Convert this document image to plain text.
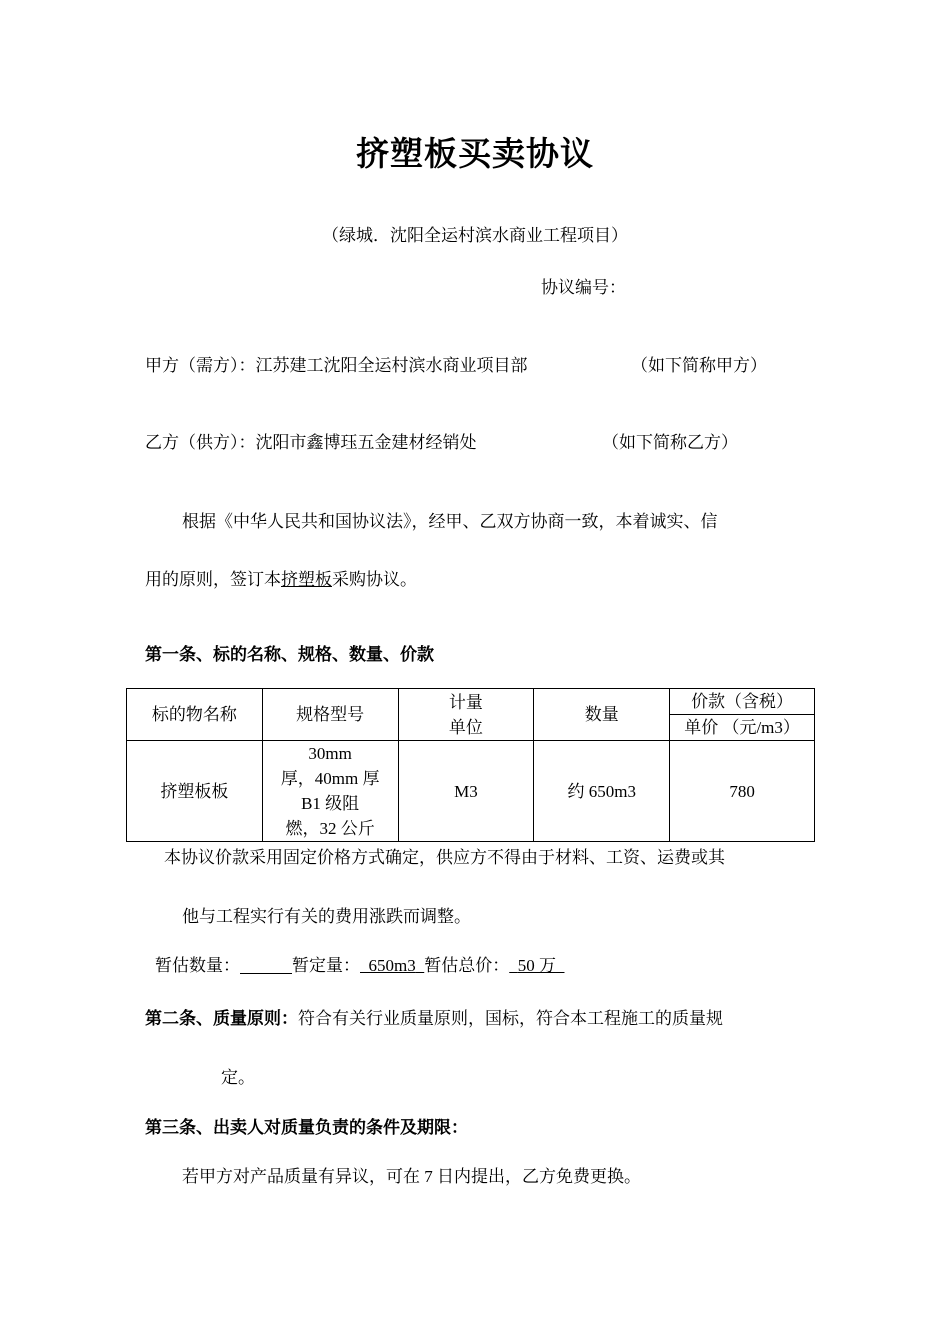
挤塑板买卖协议
（绿城．沈阳全运村滨水商业工程项目）
协议编号：
甲方（需方）：江苏建工沈阳全运村滨水商业项目部	（如下简称甲方）
乙方（供方）：沈阳市鑫博珏五金建材经销处	（如下简称乙方）
根据《中华人民共和国协议法》，经甲、乙双方协商一致，本着诚实、信
用的原则，签订本挤塑板采购协议。
第一条、标的名称、规格、数量、价款
标的物名称	规格型号	计量
单位	数量	价款（含税）
				单价 （元/m3）
挤塑板板	30mm
厚，40mm 厚
B1 级阻
燃，32 公斤	M3	约 650m3	780
本协议价款采用固定价格方式确定，供应方不得由于材料、工资、运费或其
他与工程实行有关的费用涨跌而调整。
暂估数量：	暂定量： 650m3 暂估总价： 50 万
第二条、质量原则：符合有关行业质量原则，国标，符合本工程施工的质量规
定。
第三条、出卖人对质量负责的条件及期限：
若甲方对产品质量有异议，可在 7 日内提出，乙方免费更换。
